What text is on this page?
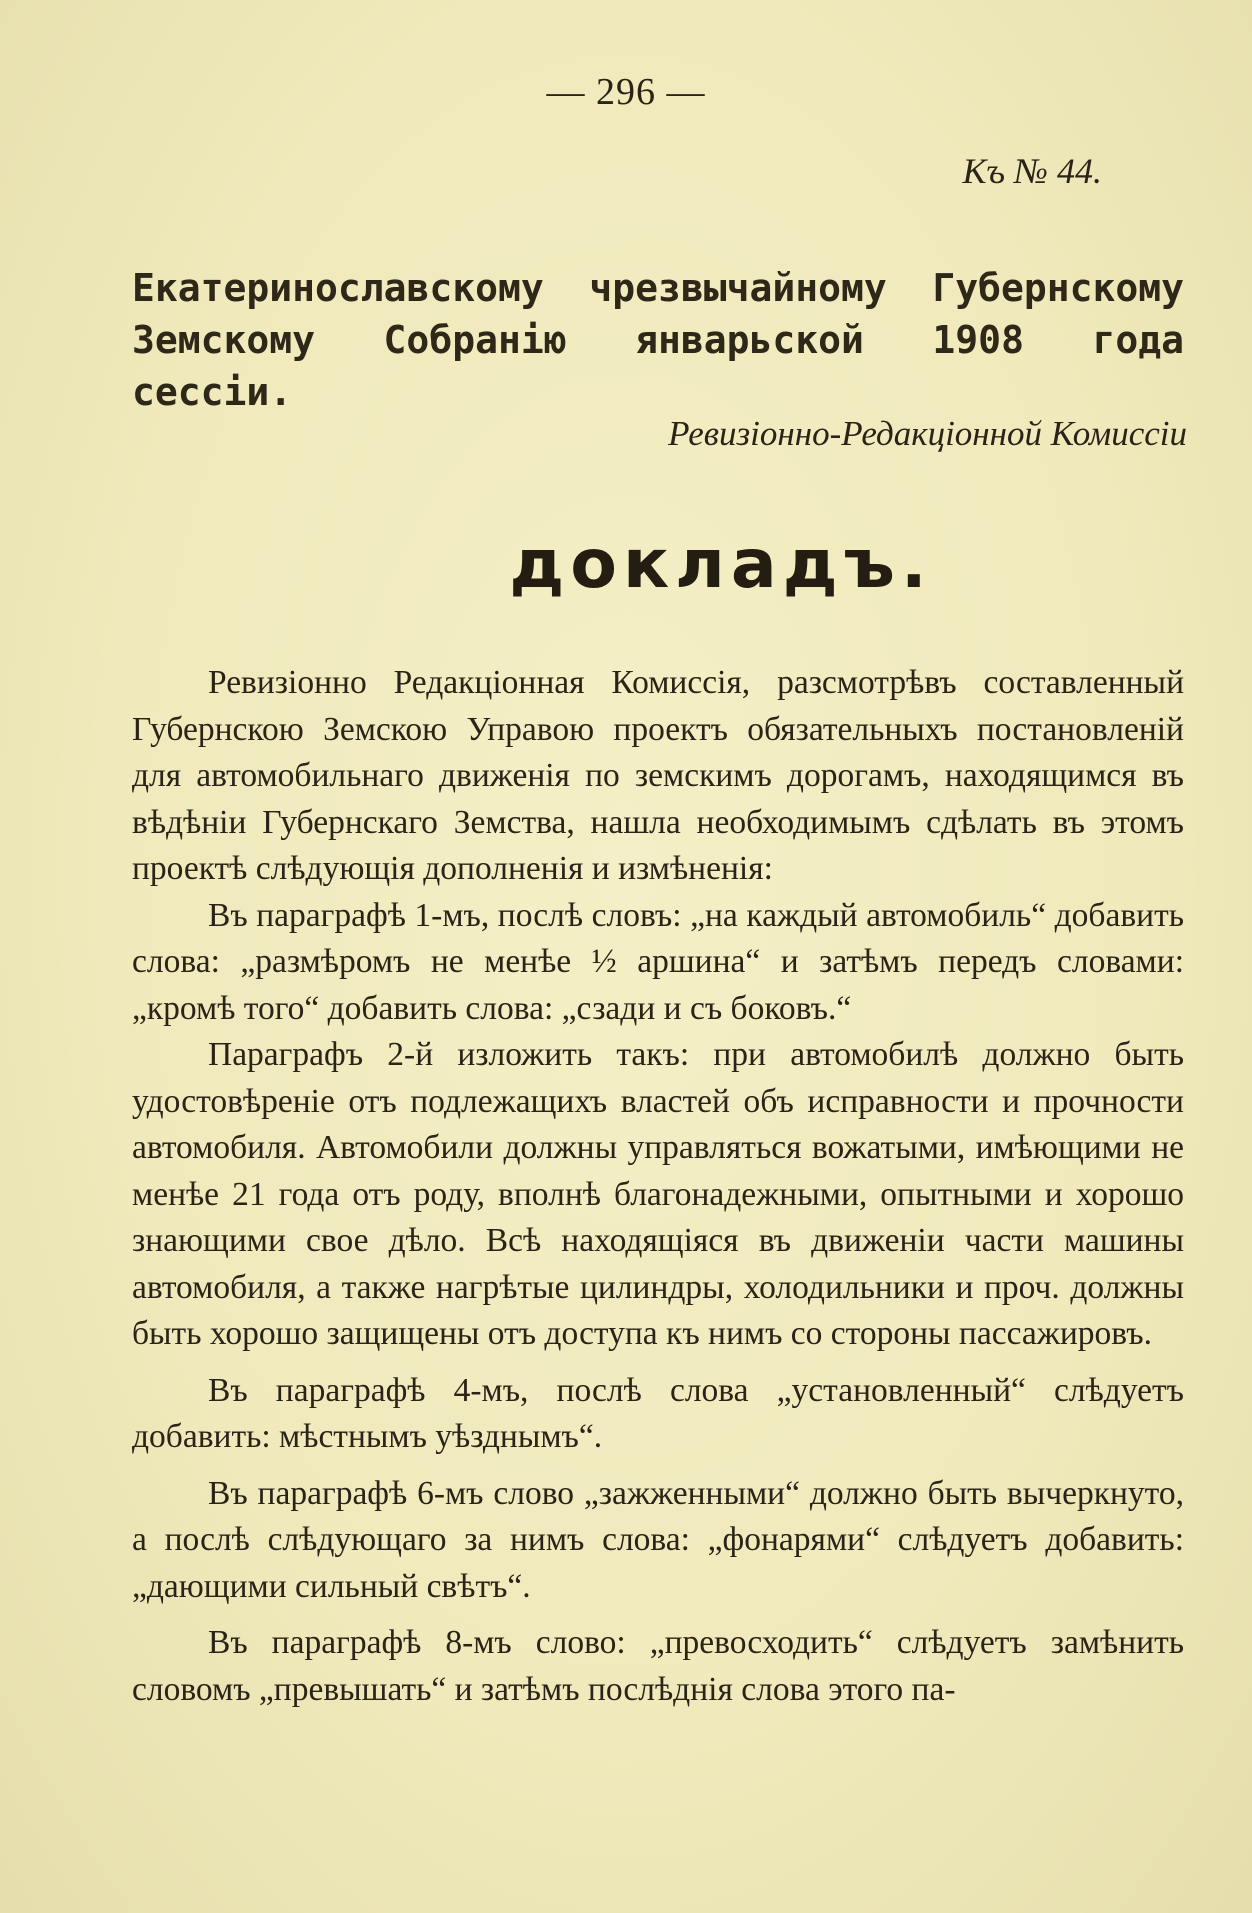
— 296 —
Къ № 44.
Екатеринославскому чрезвычайному Губернскому Земскому Собранію январьской 1908 года сессіи.
Ревизіонно-Редакціонной Комиссіи
докладъ.

Ревизіонно Редакціонная Комиссія, разсмотрѣвъ составленный Губернскою Земскою Управою проектъ обязательныхъ постановленій для автомобильнаго движенія по земскимъ дорогамъ, находящимся въ вѣдѣніи Губернскаго Земства, нашла необходимымъ сдѣлать въ этомъ проектѣ слѣдующія дополненія и измѣненія:

Въ параграфѣ 1-мъ, послѣ словъ: „на каждый автомобиль“ добавить слова: „размѣромъ не менѣе ½ аршина“ и затѣмъ передъ словами: „кромѣ того“ добавить слова: „сзади и съ боковъ.“

Параграфъ 2-й изложить такъ: при автомобилѣ должно быть удостовѣреніе отъ подлежащихъ властей объ исправности и прочности автомобиля. Автомобили должны управляться вожатыми, имѣющими не менѣе 21 года отъ роду, вполнѣ благонадежными, опытными и хорошо знающими свое дѣло. Всѣ находящіяся въ движеніи части машины автомобиля, а также нагрѣтые цилиндры, холодильники и проч. должны быть хорошо защищены отъ доступа къ нимъ со стороны пассажировъ.

Въ параграфѣ 4-мъ, послѣ слова „установленный“ слѣдуетъ добавить: мѣстнымъ уѣзднымъ“.

Въ параграфѣ 6-мъ слово „зажженными“ должно быть вычеркнуто, а послѣ слѣдующаго за нимъ слова: „фонарями“ слѣдуетъ добавить: „дающими сильный свѣтъ“.

Въ параграфѣ 8-мъ слово: „превосходить“ слѣдуетъ замѣнить словомъ „превышать“ и затѣмъ послѣднія слова этого па-
